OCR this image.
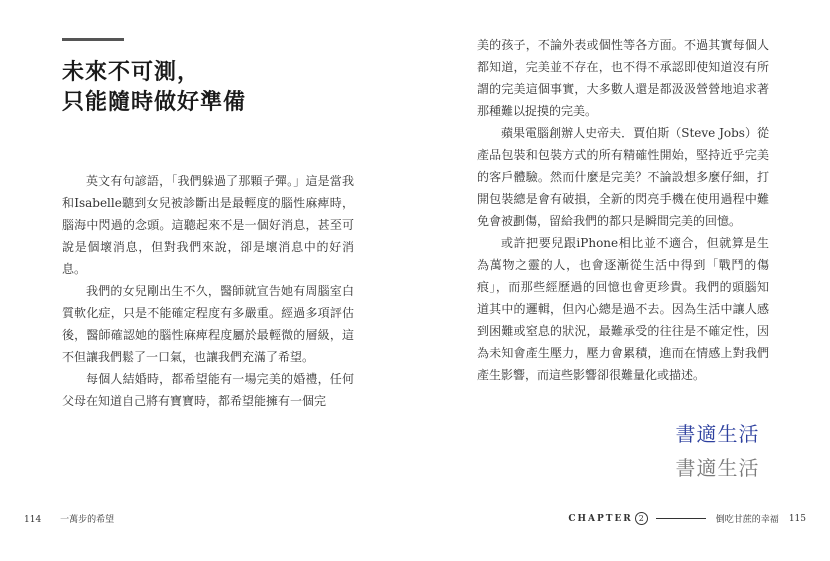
未來不可測，
只能隨時做好準備

英文有句諺語，「我們躲過了那顆子彈。」這是當我和Isabelle聽到女兒被診斷出是最輕度的腦性麻痺時，腦海中閃過的念頭。這聽起來不是一個好消息，甚至可說是個壞消息，但對我們來說，卻是壞消息中的好消息。

我們的女兒剛出生不久，醫師就宣告她有周腦室白質軟化症，只是不能確定程度有多嚴重。經過多項評估後，醫師確認她的腦性麻痺程度屬於最輕微的層級，這不但讓我們鬆了一口氣，也讓我們充滿了希望。

每個人結婚時，都希望能有一場完美的婚禮，任何父母在知道自己將有寶寶時，都希望能擁有一個完

114 一萬步的希望

美的孩子，不論外表或個性等各方面。不過其實每個人都知道，完美並不存在，也不得不承認即使知道沒有所謂的完美這個事實，大多數人還是都汲汲營營地追求著那種難以捉摸的完美。

蘋果電腦創辦人史帝夫．賈伯斯（Steve Jobs）從產品包裝和包裝方式的所有精確性開始，堅持近乎完美的客戶體驗。然而什麼是完美？不論設想多麼仔細，打開包裝總是會有破損，全新的閃亮手機在使用過程中難免會被劃傷，留給我們的都只是瞬間完美的回憶。

或許把要兒跟iPhone相比並不適合，但就算是生為萬物之靈的人，也會逐漸從生活中得到「戰鬥的傷痕」，而那些經歷過的回憶也會更珍貴。我們的頭腦知道其中的邏輯，但內心總是過不去。因為生活中讓人感到困難或窒息的狀況，最難承受的往往是不確定性，因為未知會產生壓力，壓力會累積，進而在情感上對我們產生影響，而這些影響卻很難量化或描述。

書適生活
書適生活
CHAPTER 2	倒吃甘蔗的幸福 115
